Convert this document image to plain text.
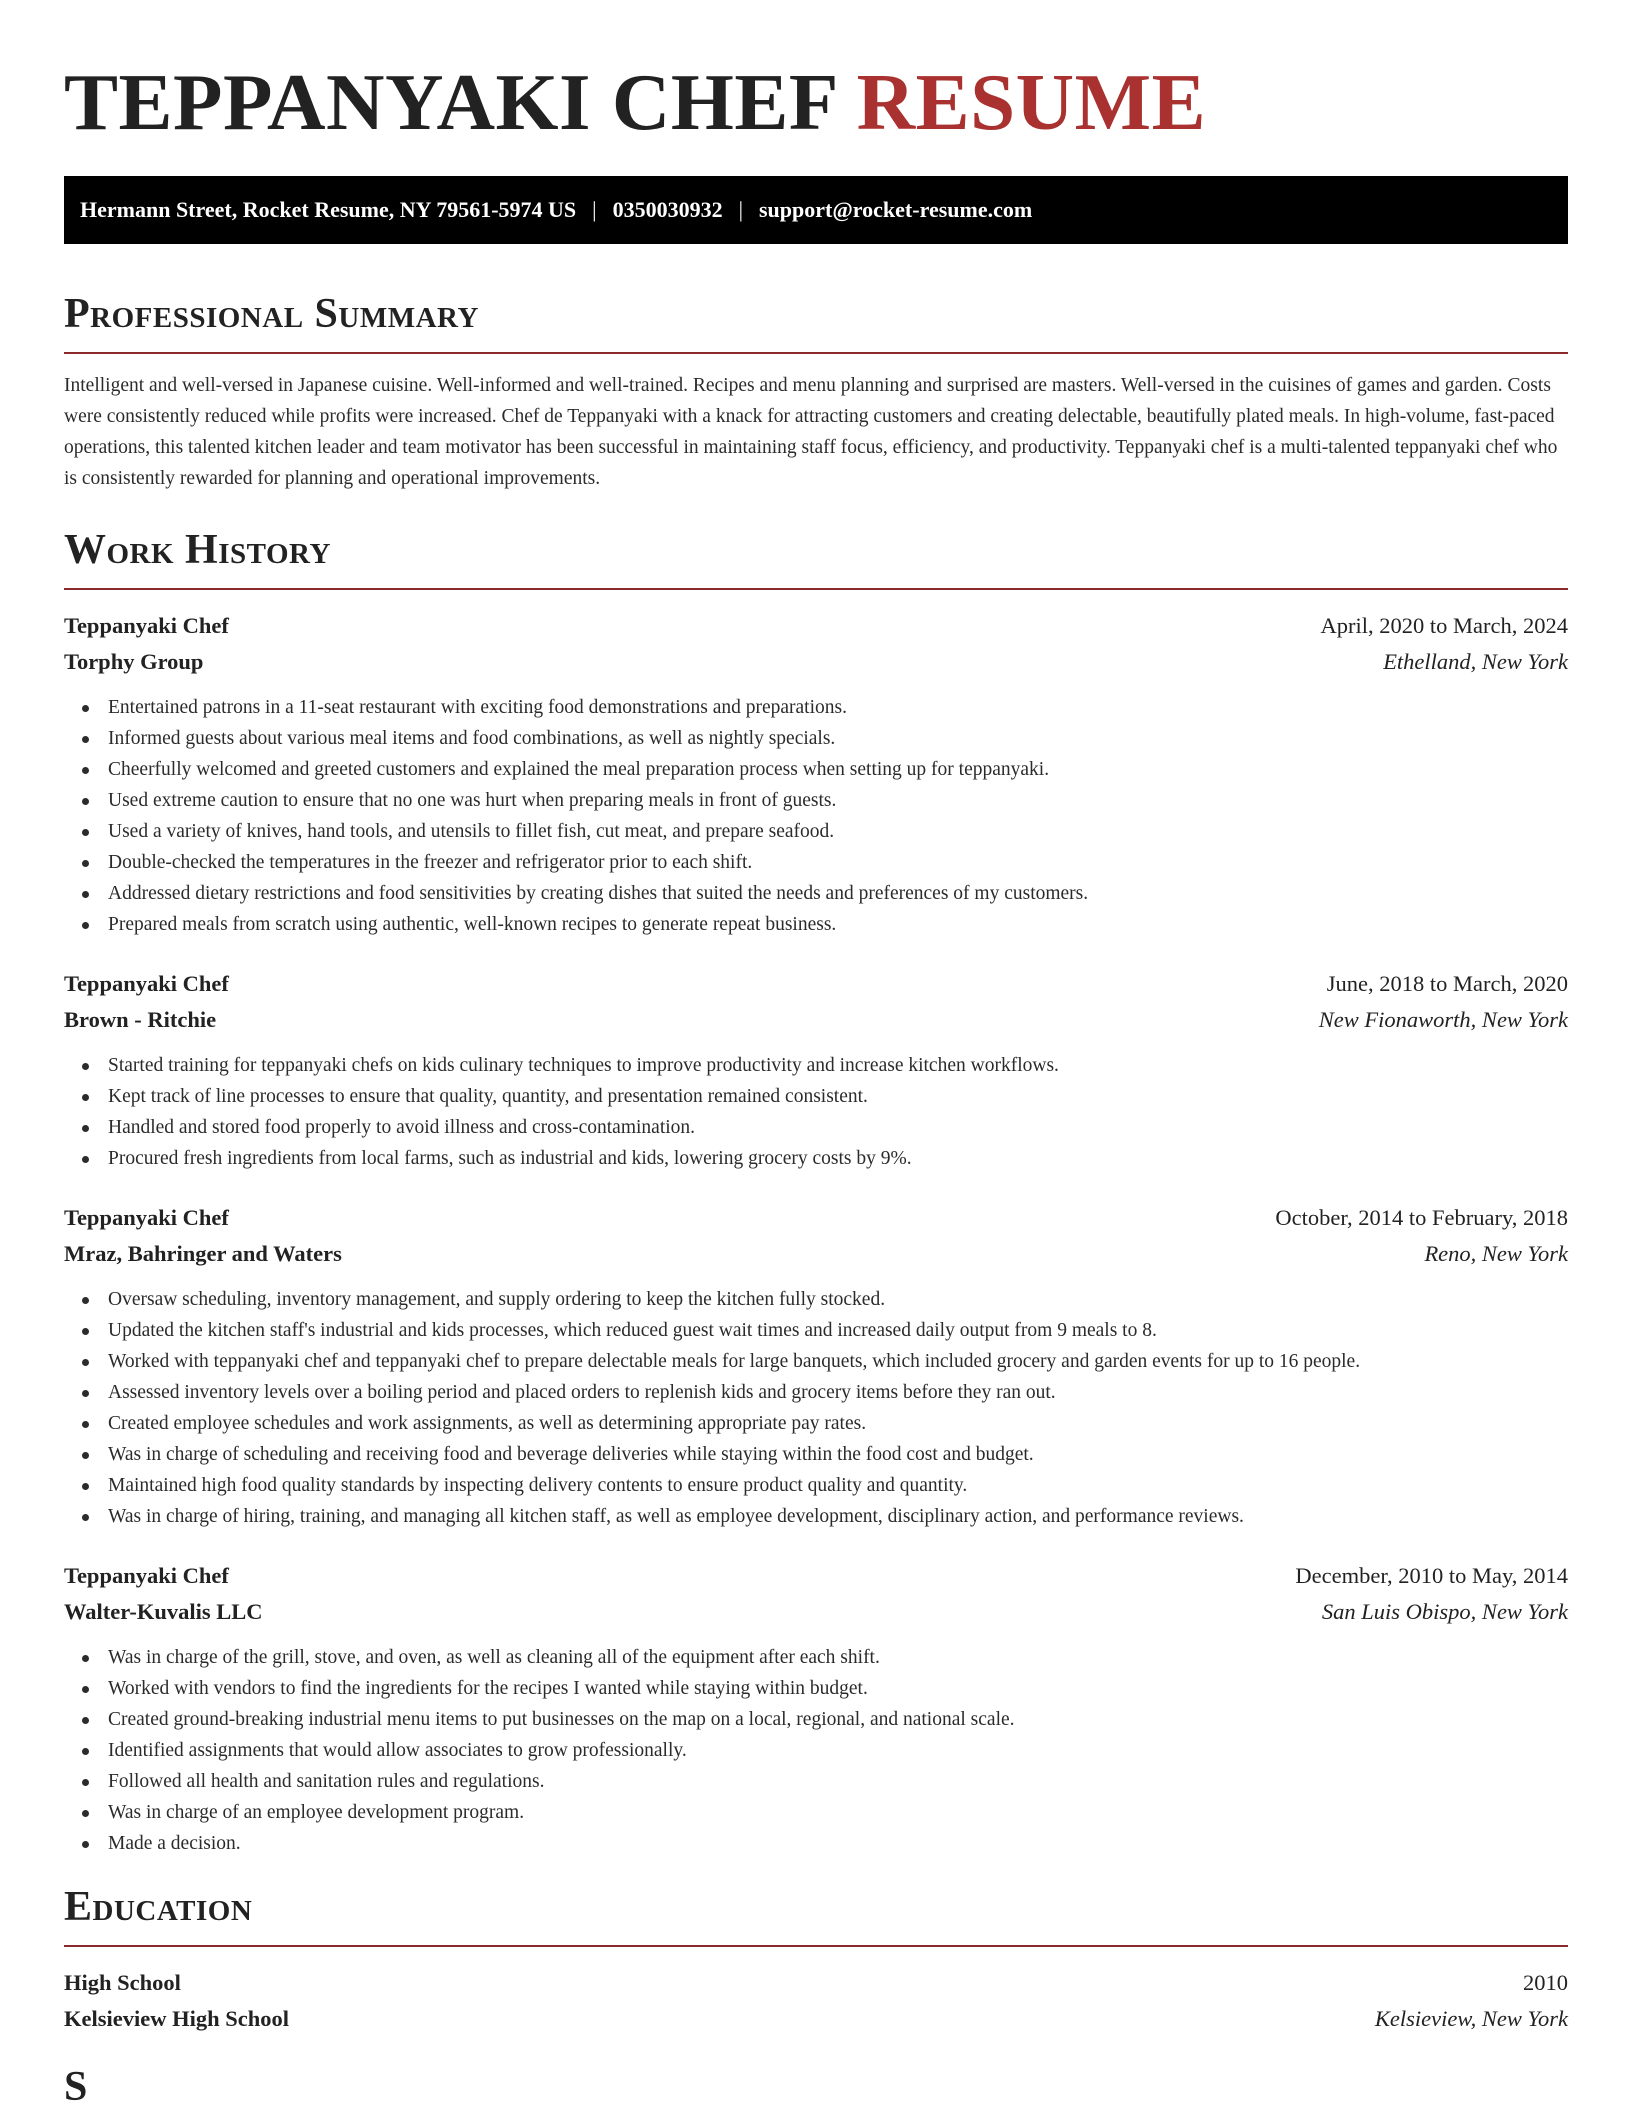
TEPPANYAKI CHEF RESUME
Hermann Street, Rocket Resume, NY 79561-5974 US | 0350030932 | support@rocket-resume.com
Professional Summary

Intelligent and well-versed in Japanese cuisine. Well-informed and well-trained. Recipes and menu planning and surprised are masters. Well-versed in the cuisines of games and garden. Costs were consistently reduced while profits were increased. Chef de Teppanyaki with a knack for attracting customers and creating delectable, beautifully plated meals. In high-volume, fast-paced operations, this talented kitchen leader and team motivator has been successful in maintaining staff focus, efficiency, and productivity. Teppanyaki chef is a multi-talented teppanyaki chef who is consistently rewarded for planning and operational improvements.

Work History
Teppanyaki Chef	April, 2020 to March, 2024
Torphy Group	Ethelland, New York
Entertained patrons in a 11-seat restaurant with exciting food demonstrations and preparations.
Informed guests about various meal items and food combinations, as well as nightly specials.
Cheerfully welcomed and greeted customers and explained the meal preparation process when setting up for teppanyaki.
Used extreme caution to ensure that no one was hurt when preparing meals in front of guests.
Used a variety of knives, hand tools, and utensils to fillet fish, cut meat, and prepare seafood.
Double-checked the temperatures in the freezer and refrigerator prior to each shift.
Addressed dietary restrictions and food sensitivities by creating dishes that suited the needs and preferences of my customers.
Prepared meals from scratch using authentic, well-known recipes to generate repeat business.
Teppanyaki Chef	June, 2018 to March, 2020
Brown - Ritchie	New Fionaworth, New York
Started training for teppanyaki chefs on kids culinary techniques to improve productivity and increase kitchen workflows.
Kept track of line processes to ensure that quality, quantity, and presentation remained consistent.
Handled and stored food properly to avoid illness and cross-contamination.
Procured fresh ingredients from local farms, such as industrial and kids, lowering grocery costs by 9%.
Teppanyaki Chef	October, 2014 to February, 2018
Mraz, Bahringer and Waters	Reno, New York
Oversaw scheduling, inventory management, and supply ordering to keep the kitchen fully stocked.
Updated the kitchen staff's industrial and kids processes, which reduced guest wait times and increased daily output from 9 meals to 8.
Worked with teppanyaki chef and teppanyaki chef to prepare delectable meals for large banquets, which included grocery and garden events for up to 16 people.
Assessed inventory levels over a boiling period and placed orders to replenish kids and grocery items before they ran out.
Created employee schedules and work assignments, as well as determining appropriate pay rates.
Was in charge of scheduling and receiving food and beverage deliveries while staying within the food cost and budget.
Maintained high food quality standards by inspecting delivery contents to ensure product quality and quantity.
Was in charge of hiring, training, and managing all kitchen staff, as well as employee development, disciplinary action, and performance reviews.
Teppanyaki Chef	December, 2010 to May, 2014
Walter-Kuvalis LLC	San Luis Obispo, New York
Was in charge of the grill, stove, and oven, as well as cleaning all of the equipment after each shift.
Worked with vendors to find the ingredients for the recipes I wanted while staying within budget.
Created ground-breaking industrial menu items to put businesses on the map on a local, regional, and national scale.
Identified assignments that would allow associates to grow professionally.
Followed all health and sanitation rules and regulations.
Was in charge of an employee development program.
Made a decision.
Education
High School	2010
Kelsieview High School	Kelsieview, New York
S
